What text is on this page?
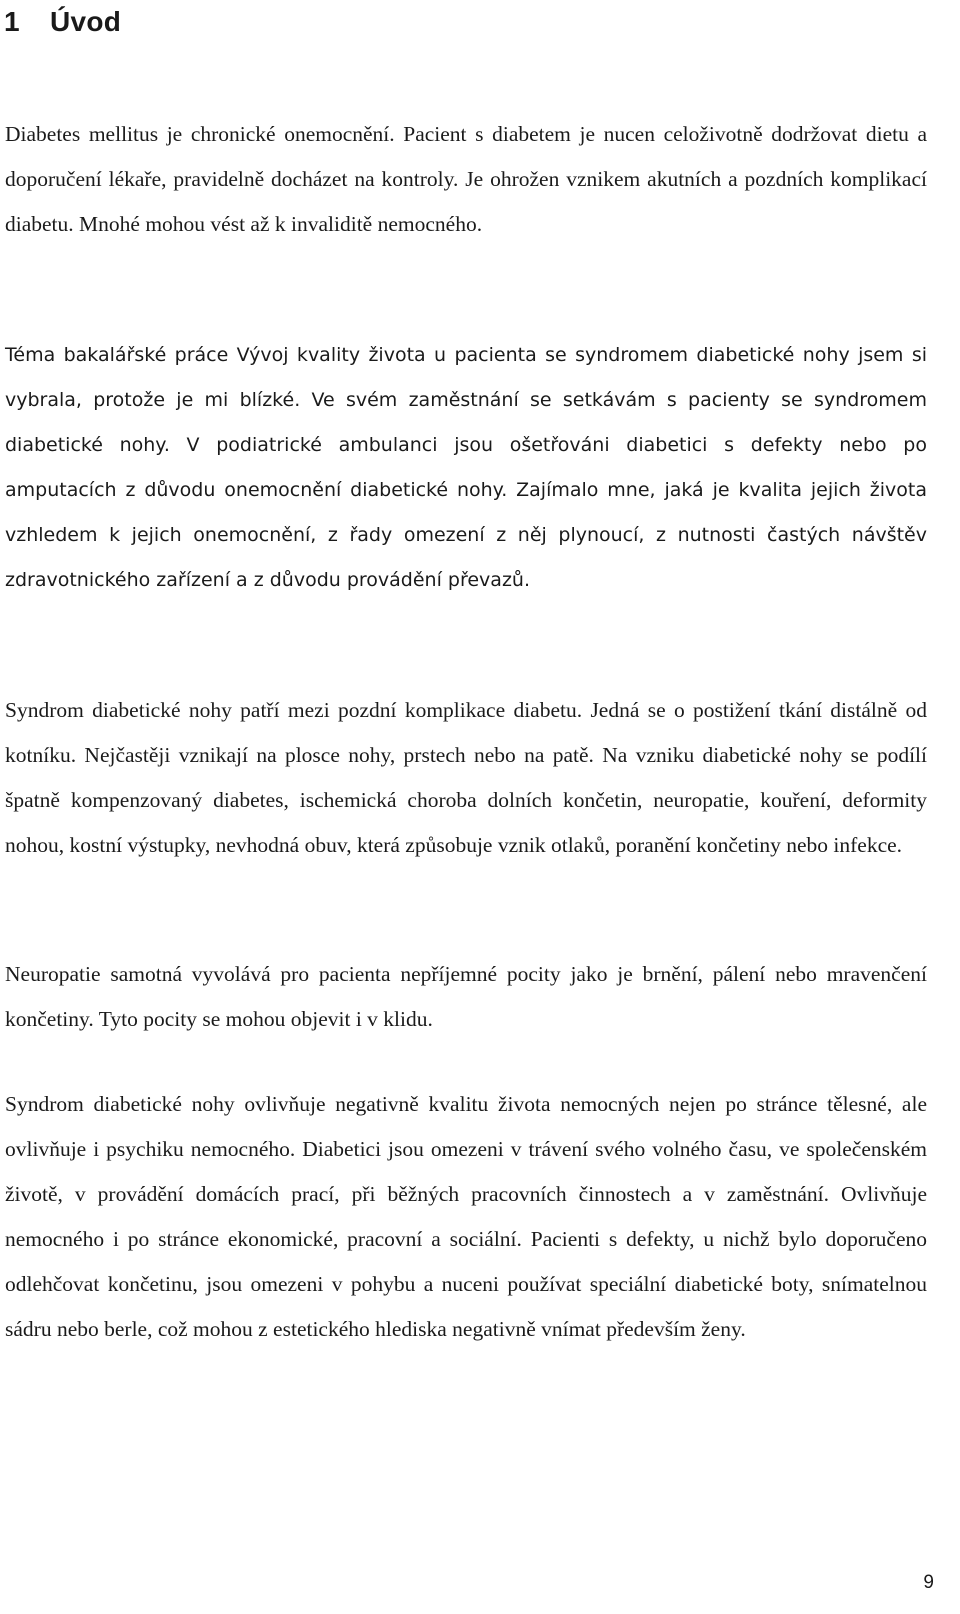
1 Úvod

Diabetes mellitus je chronické onemocnění. Pacient s diabetem je nucen celoživotně dodržovat dietu a doporučení lékaře, pravidelně docházet na kontroly. Je ohrožen vznikem akutních a pozdních komplikací diabetu. Mnohé mohou vést až k invaliditě nemocného.

Téma bakalářské práce Vývoj kvality života u pacienta se syndromem diabetické nohy jsem si vybrala, protože je mi blízké. Ve svém zaměstnání se setkávám s pacienty se syndromem diabetické nohy. V podiatrické ambulanci jsou ošetřováni diabetici s defekty nebo po amputacích z důvodu onemocnění diabetické nohy. Zajímalo mne, jaká je kvalita jejich života vzhledem k jejich onemocnění, z řady omezení z něj plynoucí, z nutnosti častých návštěv zdravotnického zařízení a z důvodu provádění převazů.

Syndrom diabetické nohy patří mezi pozdní komplikace diabetu. Jedná se o postižení tkání distálně od kotníku. Nejčastěji vznikají na plosce nohy, prstech nebo na patě. Na vzniku diabetické nohy se podílí špatně kompenzovaný diabetes, ischemická choroba dolních končetin, neuropatie, kouření, deformity nohou, kostní výstupky, nevhodná obuv, která způsobuje vznik otlaků, poranění končetiny nebo infekce.

Neuropatie samotná vyvolává pro pacienta nepříjemné pocity jako je brnění, pálení nebo mravenčení končetiny. Tyto pocity se mohou objevit i v klidu.

Syndrom diabetické nohy ovlivňuje negativně kvalitu života nemocných nejen po stránce tělesné, ale ovlivňuje i psychiku nemocného. Diabetici jsou omezeni v trávení svého volného času, ve společenském životě, v provádění domácích prací, při běžných pracovních činnostech a v zaměstnání. Ovlivňuje nemocného i po stránce ekonomické, pracovní a sociální. Pacienti s defekty, u nichž bylo doporučeno odlehčovat končetinu, jsou omezeni v pohybu a nuceni používat speciální diabetické boty, snímatelnou sádru nebo berle, což mohou z estetického hlediska negativně vnímat především ženy.

9
